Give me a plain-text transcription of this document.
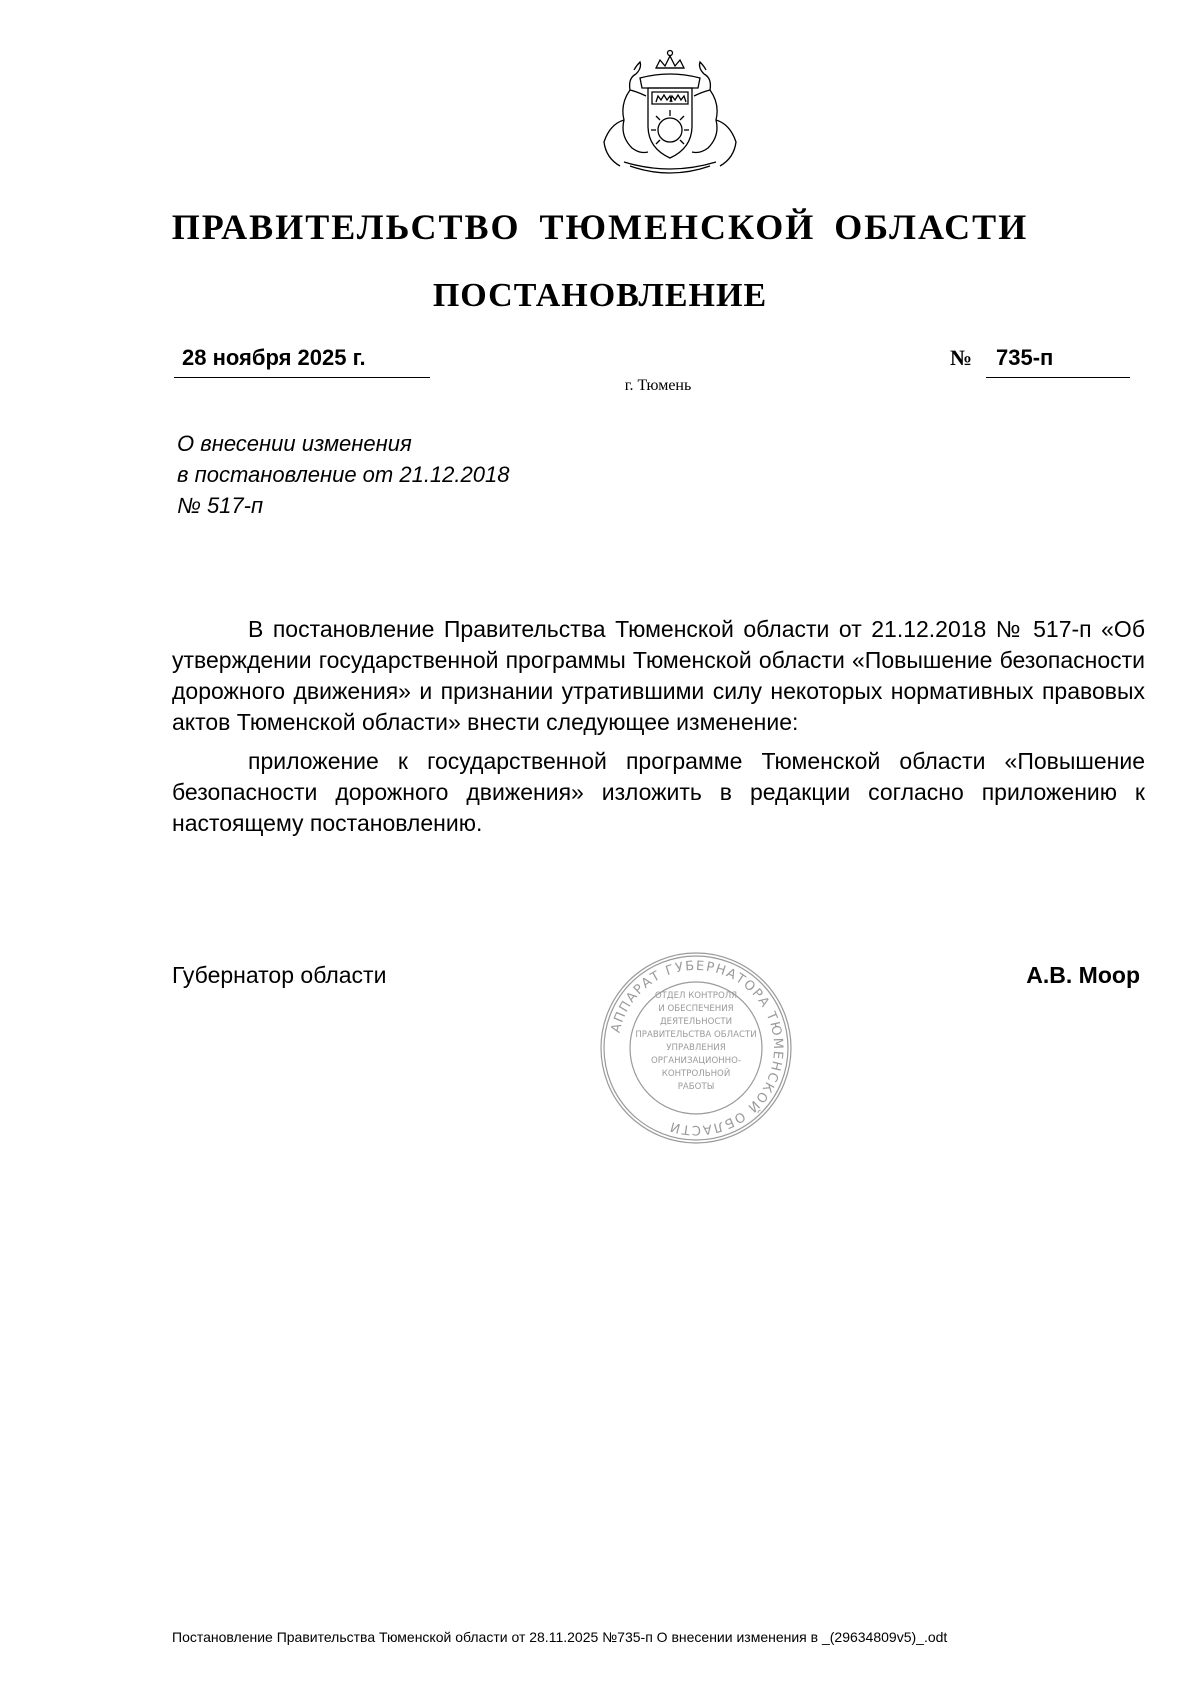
ПРАВИТЕЛЬСТВО ТЮМЕНСКОЙ ОБЛАСТИ
ПОСТАНОВЛЕНИЕ
28 ноября 2025 г.	№ 735-п
г. Тюмень
О внесении изменения
в постановление от 21.12.2018
№ 517-п

В постановление Правительства Тюменской области от 21.12.2018 № 517-п «Об утверждении государственной программы Тюменской области «Повышение безопасности дорожного движения» и признании утратившими силу некоторых нормативных правовых актов Тюменской области» внести следующее изменение:

приложение к государственной программе Тюменской области «Повышение безопасности дорожного движения» изложить в редакции согласно приложению к настоящему постановлению.

Губернатор области	А.В. Моор
АППАРАТ ГУБЕРНАТОРА ТЮМЕНСКОЙ ОБЛАСТИ
ОТДЕЛ КОНТРОЛЯ
И ОБЕСПЕЧЕНИЯ
ДЕЯТЕЛЬНОСТИ
ПРАВИТЕЛЬСТВА ОБЛАСТИ
УПРАВЛЕНИЯ
ОРГАНИЗАЦИОННО-
КОНТРОЛЬНОЙ
РАБОТЫ
Постановление Правительства Тюменской области от 28.11.2025 №735-п О внесении изменения в _(29634809v5)_.odt
